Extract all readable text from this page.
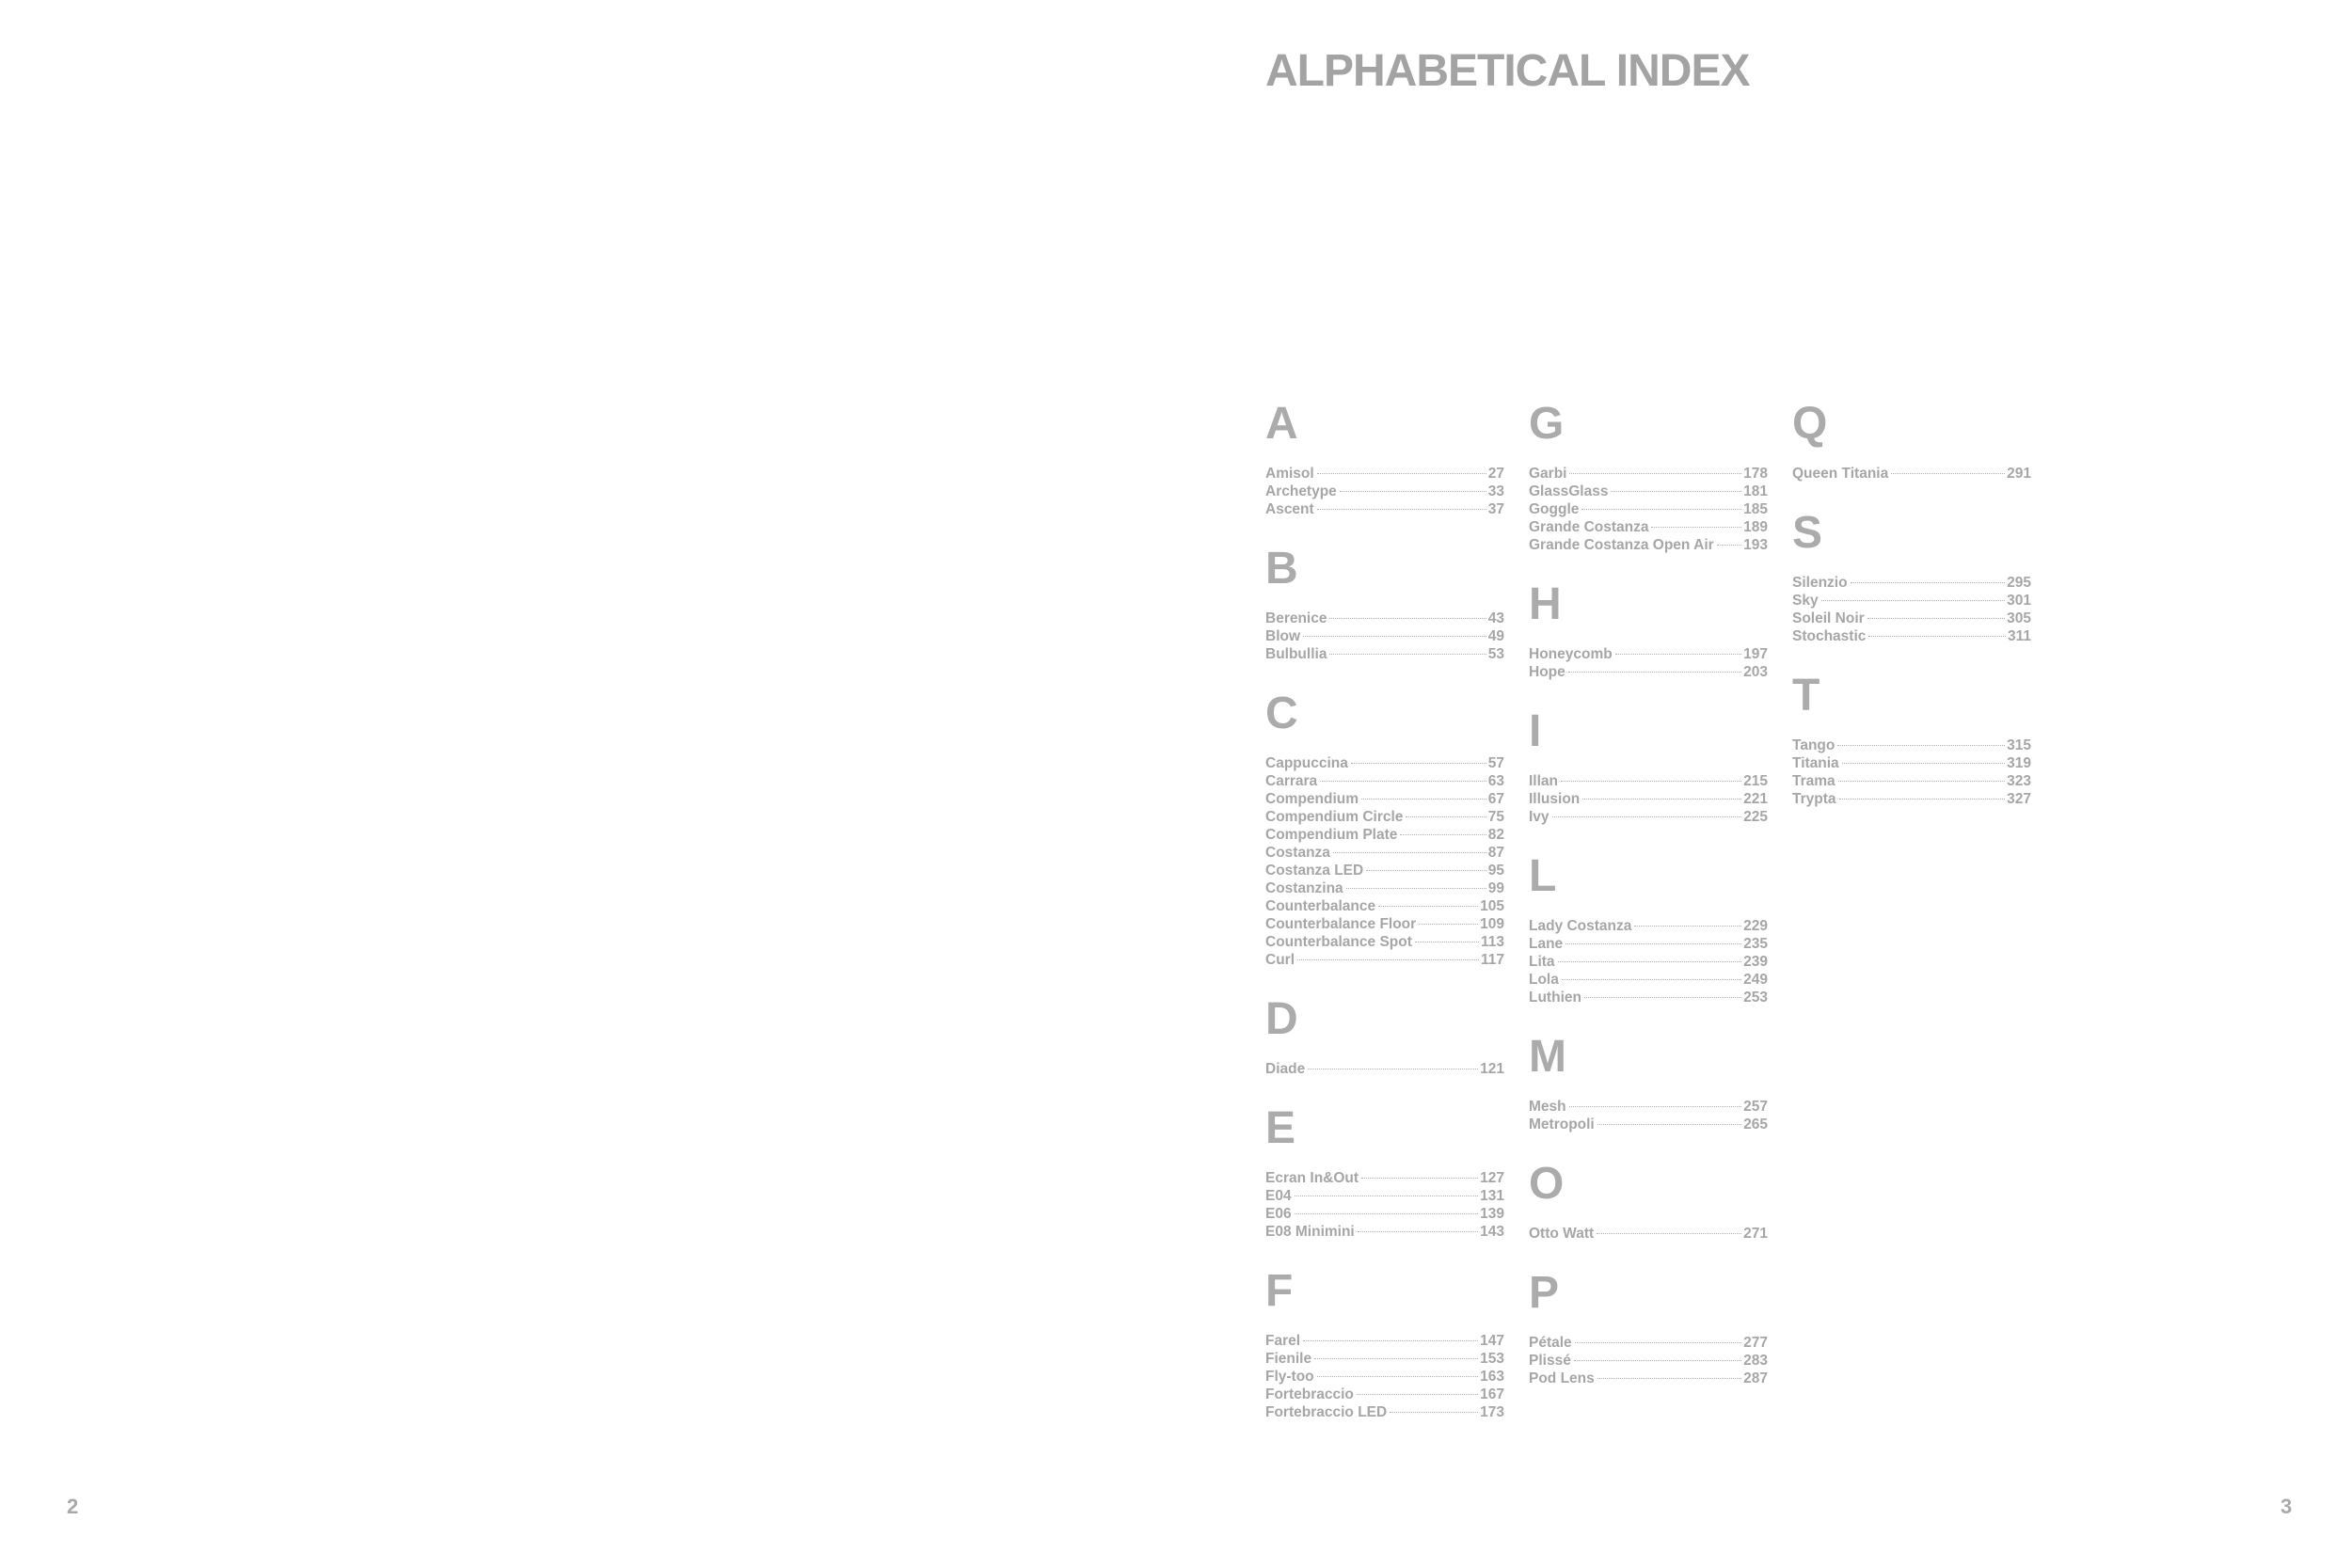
ALPHABETICAL INDEX
A
Amisol	27
Archetype	33
Ascent	37
B
Berenice	43
Blow	49
Bulbullia	53
C
Cappuccina	57
Carrara	63
Compendium	67
Compendium Circle	75
Compendium Plate	82
Costanza	87
Costanza LED	95
Costanzina	99
Counterbalance	105
Counterbalance Floor	109
Counterbalance Spot	113
Curl	117
D
Diade	121
E
Ecran In&Out	127
E04	131
E06	139
E08 Minimini	143
F
Farel	147
Fienile	153
Fly-too	163
Fortebraccio	167
Fortebraccio LED	173
G
Garbi	178
GlassGlass	181
Goggle	185
Grande Costanza	189
Grande Costanza Open Air 193
H
Honeycomb	197
Hope	203
I
Illan	215
Illusion	221
Ivy	225
L
Lady Costanza	229
Lane	235
Lita	239
Lola	249
Luthien	253
M
Mesh	257
Metropoli	265
O
Otto Watt	271
P
Pétale	277
Plissé	283
Pod Lens	287
Q
Queen Titania	291
S
Silenzio	295
Sky	301
Soleil Noir	305
Stochastic	311
T
Tango	315
Titania	319
Trama	323
Trypta	327
2	3
